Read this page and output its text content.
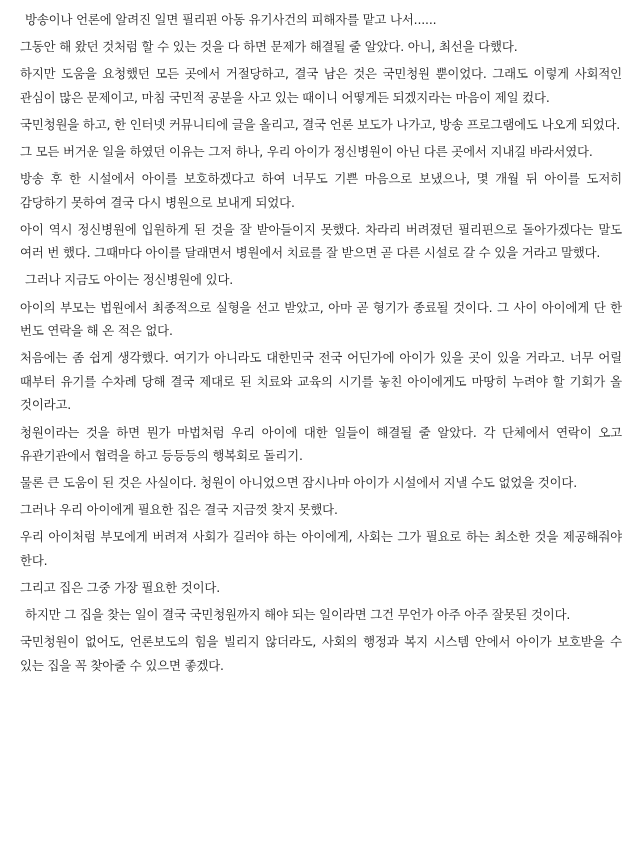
방송이나 언론에 알려진 일면 필리핀 아동 유기사건의 피해자를 맡고 나서......

그동안 해 왔던 것처럼 할 수 있는 것을 다 하면 문제가 해결될 줄 알았다. 아니, 최선을 다했다.

하지만 도움을 요청했던 모든 곳에서 거절당하고, 결국 남은 것은 국민청원 뿐이었다. 그래도 이렇게 사회적인 관심이 많은 문제이고, 마침 국민적 공분을 사고 있는 때이니 어떻게든 되겠지라는 마음이 제일 컸다.

국민청원을 하고, 한 인터넷 커뮤니티에 글을 올리고, 결국 언론 보도가 나가고, 방송 프로그램에도 나오게 되었다.

그 모든 버거운 일을 하였던 이유는 그저 하나, 우리 아이가 정신병원이 아닌 다른 곳에서 지내길 바라서였다.

방송 후 한 시설에서 아이를 보호하겠다고 하여 너무도 기쁜 마음으로 보냈으나, 몇 개월 뒤 아이를 도저히 감당하기 못하여 결국 다시 병원으로 보내게 되었다.

아이 역시 정신병원에 입원하게 된 것을 잘 받아들이지 못했다. 차라리 버려졌던 필리핀으로 돌아가겠다는 말도 여러 번 했다. 그때마다 아이를 달래면서 병원에서 치료를 잘 받으면 곧 다른 시설로 갈 수 있을 거라고 말했다.

그러나 지금도 아이는 정신병원에 있다.

아이의 부모는 법원에서 최종적으로 실형을 선고 받았고, 아마 곧 형기가 종료될 것이다. 그 사이 아이에게 단 한 번도 연락을 해 온 적은 없다.

처음에는 좀 쉽게 생각했다. 여기가 아니라도 대한민국 전국 어딘가에 아이가 있을 곳이 있을 거라고. 너무 어릴 때부터 유기를 수차례 당해 결국 제대로 된 치료와 교육의 시기를 놓친 아이에게도 마땅히 누려야 할 기회가 올 것이라고.

청원이라는 것을 하면 뭔가 마법처럼 우리 아이에 대한 일들이 해결될 줄 알았다. 각 단체에서 연락이 오고 유관기관에서 협력을 하고 등등등의 행복회로 돌리기.

물론 큰 도움이 된 것은 사실이다. 청원이 아니었으면 잠시나마 아이가 시설에서 지낼 수도 없었을 것이다.

그러나 우리 아이에게 필요한 집은 결국 지금껏 찾지 못했다.

우리 아이처럼 부모에게 버려져 사회가 길러야 하는 아이에게, 사회는 그가 필요로 하는 최소한 것을 제공해줘야 한다.

그리고 집은 그중 가장 필요한 것이다.

하지만 그 집을 찾는 일이 결국 국민청원까지 해야 되는 일이라면 그건 무언가 아주 아주 잘못된 것이다.

국민청원이 없어도, 언론보도의 힘을 빌리지 않더라도, 사회의 행정과 복지 시스템 안에서 아이가 보호받을 수 있는 집을 꼭 찾아줄 수 있으면 좋겠다.
